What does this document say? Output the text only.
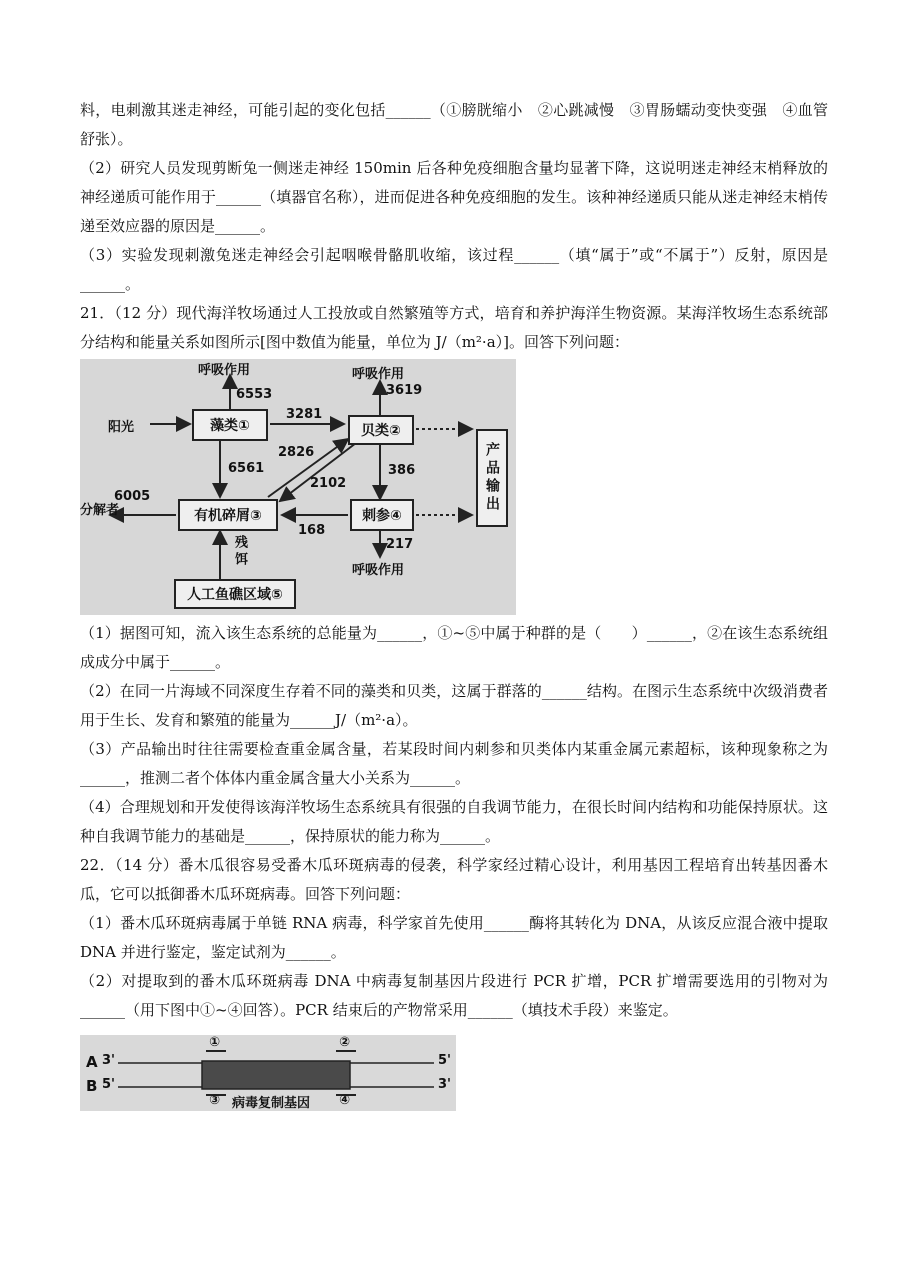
料，电刺激其迷走神经，可能引起的变化包括______（①膀胱缩小　②心跳减慢　③胃肠蠕动变快变强　④血管舒张）。

（2）研究人员发现剪断兔一侧迷走神经 150min 后各种免疫细胞含量均显著下降，这说明迷走神经末梢释放的神经递质可能作用于______（填器官名称），进而促进各种免疫细胞的发生。该种神经递质只能从迷走神经末梢传递至效应器的原因是______。

（3）实验发现刺激兔迷走神经会引起咽喉骨骼肌收缩，该过程______（填“属于”或“不属于”）反射，原因是______。

21．（12 分）现代海洋牧场通过人工投放或自然繁殖等方式，培育和养护海洋生物资源。某海洋牧场生态系统部分结构和能量关系如图所示[图中数值为能量，单位为 J/（m²·a）]。回答下列问题：

藻类①	贝类②
有机碎屑③	刺参④
人工鱼礁区域⑤
产品输出
阳光
呼吸作用	呼吸作用
呼吸作用
分解者
残饵
6553
3281
3619
2826
6561
2102
386
6005
168
217

（1）据图可知，流入该生态系统的总能量为______，①~⑤中属于种群的是（　　）______，②在该生态系统组成成分中属于______。

（2）在同一片海域不同深度生存着不同的藻类和贝类，这属于群落的______结构。在图示生态系统中次级消费者用于生长、发育和繁殖的能量为______J/（m²·a）。

（3）产品输出时往往需要检查重金属含量，若某段时间内刺参和贝类体内某重金属元素超标，该种现象称之为______，推测二者个体体内重金属含量大小关系为______。

（4）合理规划和开发使得该海洋牧场生态系统具有很强的自我调节能力，在很长时间内结构和功能保持原状。这种自我调节能力的基础是______，保持原状的能力称为______。

22．（14 分）番木瓜很容易受番木瓜环斑病毒的侵袭，科学家经过精心设计，利用基因工程培育出转基因番木瓜，它可以抵御番木瓜环斑病毒。回答下列问题：

（1）番木瓜环斑病毒属于单链 RNA 病毒，科学家首先使用______酶将其转化为 DNA，从该反应混合液中提取 DNA 并进行鉴定，鉴定试剂为______。

（2）对提取到的番木瓜环斑病毒 DNA 中病毒复制基因片段进行 PCR 扩增，PCR 扩增需要选用的引物对为______（用下图中①~④回答）。PCR 结束后的产物常采用______（填技术手段）来鉴定。

A 3'	5'
B 5'	3'
①	②
③	④
病毒复制基因
